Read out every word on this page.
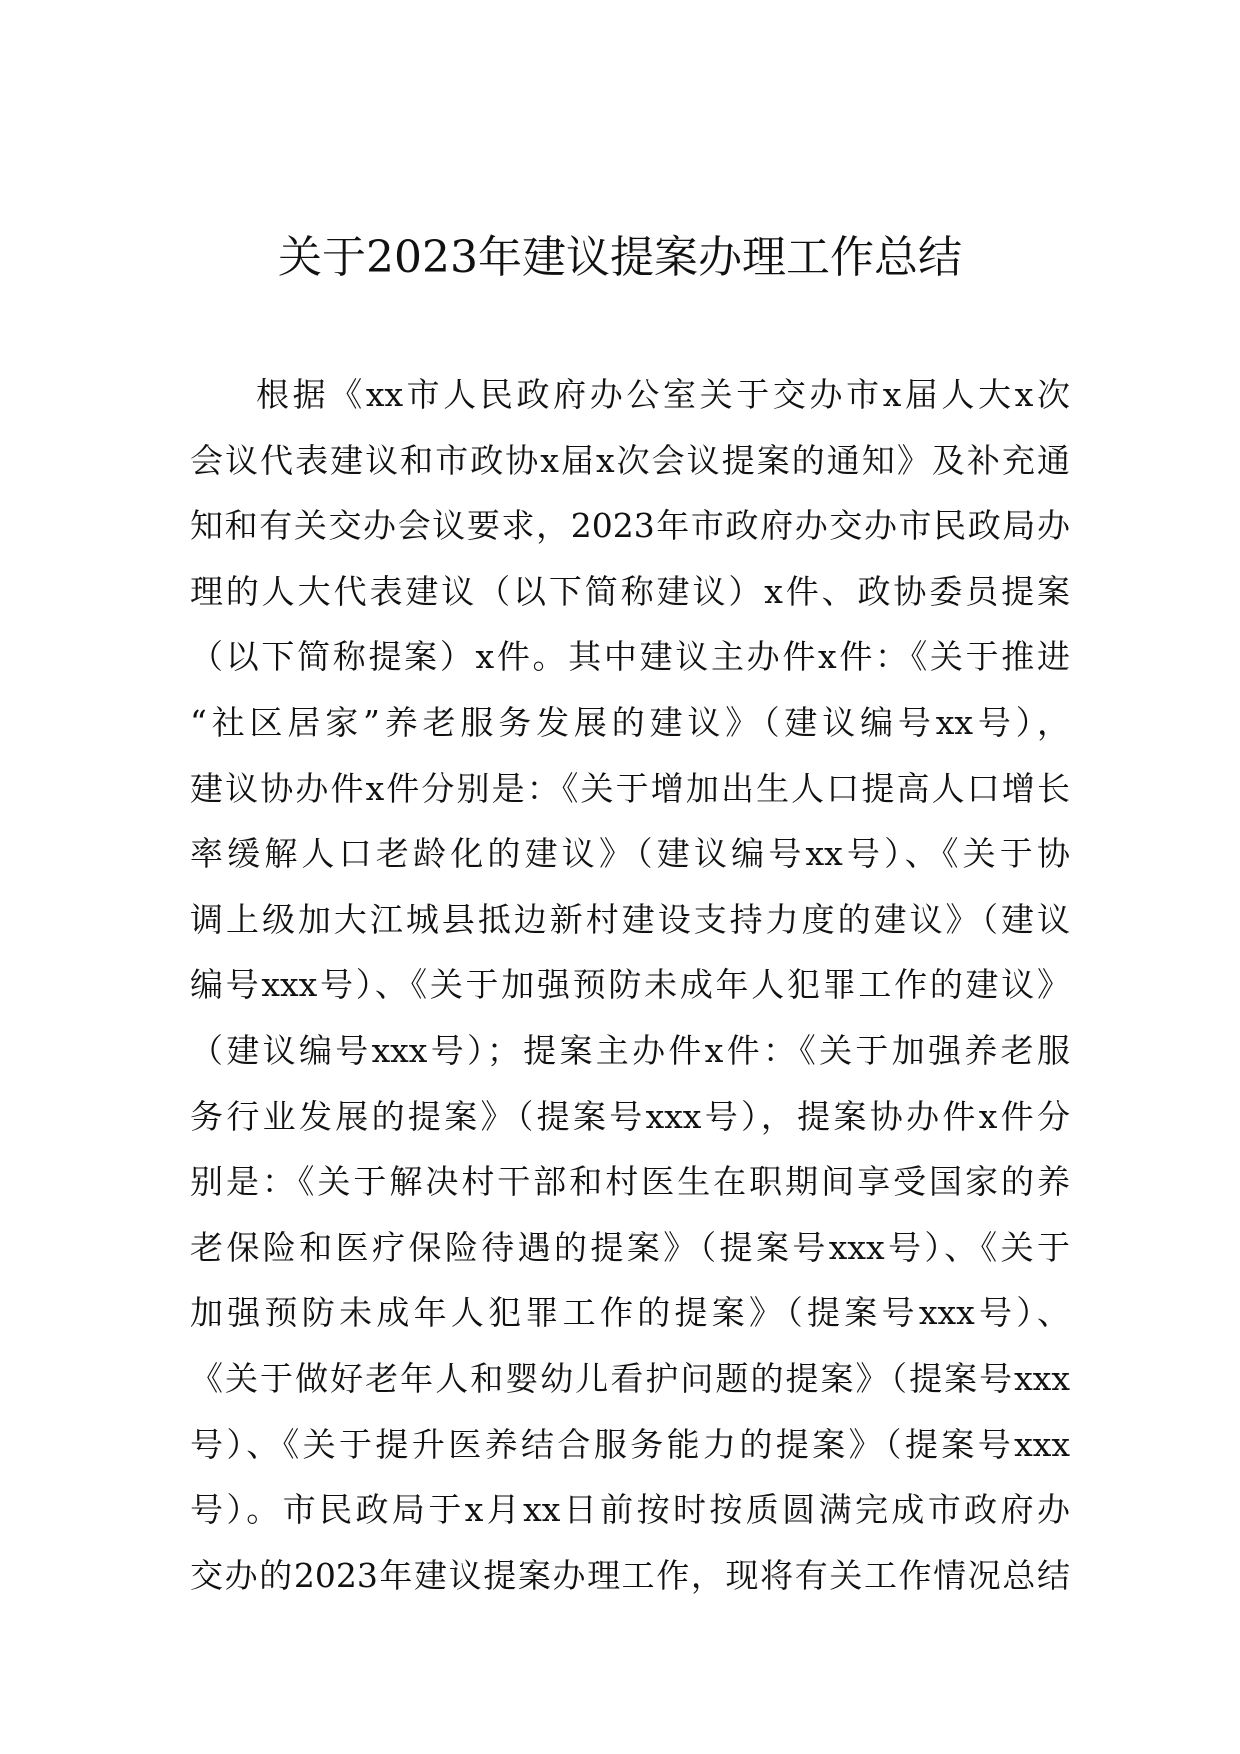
关于2023年建议提案办理工作总结
根据《xx市人民政府办公室关于交办市x届人大x次
会议代表建议和市政协x届x次会议提案的通知》及补充通
知和有关交办会议要求，2023年市政府办交办市民政局办
理的人大代表建议（以下简称建议）x件、政协委员提案
（以下简称提案）x件。其中建议主办件x件：《关于推进
“社区居家”养老服务发展的建议》（建议编号xx号），
建议协办件x件分别是：《关于增加出生人口提高人口增长
率缓解人口老龄化的建议》（建议编号xx号）、《关于协
调上级加大江城县抵边新村建设支持力度的建议》（建议
编号xxx号）、《关于加强预防未成年人犯罪工作的建议》
（建议编号xxx号）；提案主办件x件：《关于加强养老服
务行业发展的提案》（提案号xxx号），提案协办件x件分
别是：《关于解决村干部和村医生在职期间享受国家的养
老保险和医疗保险待遇的提案》（提案号xxx号）、《关于
加强预防未成年人犯罪工作的提案》（提案号xxx号）、
《关于做好老年人和婴幼儿看护问题的提案》（提案号xxx
号）、《关于提升医养结合服务能力的提案》（提案号xxx
号）。市民政局于x月xx日前按时按质圆满完成市政府办
交办的2023年建议提案办理工作，现将有关工作情况总结
